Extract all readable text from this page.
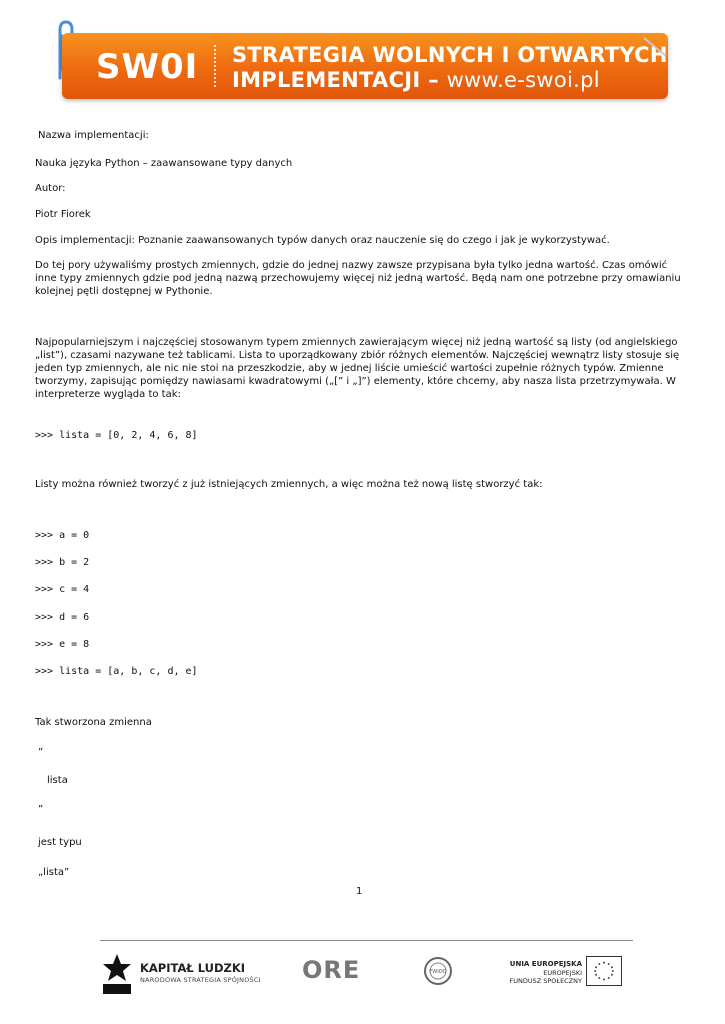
SW0I STRATEGIA WOLNYCH I OTWARTYCH
IMPLEMENTACJI – www.e-swoi.pl

Nazwa implementacji:

Nauka języka Python – zaawansowane typy danych

Autor:

Piotr Fiorek

Opis implementacji: Poznanie zaawansowanych typów danych oraz nauczenie się do czego i jak je wykorzystywać.

Do tej pory używaliśmy prostych zmiennych, gdzie do jednej nazwy zawsze przypisana była tylko jedna wartość. Czas omówić inne typy zmiennych gdzie pod jedną nazwą przechowujemy więcej niż jedną wartość. Będą nam one potrzebne przy omawianiu kolejnej pętli dostępnej w Pythonie.

Najpopularniejszym i najczęściej stosowanym typem zmiennych zawierającym więcej niż jedną wartość są listy (od angielskiego „list”), czasami nazywane też tablicami. Lista to uporządkowany zbiór różnych elementów. Najczęściej wewnątrz listy stosuje się jeden typ zmiennych, ale nic nie stoi na przeszkodzie, aby w jednej liście umieścić wartości zupełnie różnych typów. Zmienne tworzymy, zapisując pomiędzy nawiasami kwadratowymi („[” i „]”) elementy, które chcemy, aby nasza lista przetrzymywała. W interpreterze wygląda to tak:

>>> lista = [0, 2, 4, 6, 8]

Listy można również tworzyć z już istniejących zmiennych, a więc można też nową listę stworzyć tak:

>>> a = 0

>>> b = 2

>>> c = 4

>>> d = 6

>>> e = 8

>>> lista = [a, b, c, d, e]

Tak stworzona zmienna

”

lista

”

jest typu

„lista”

1
KAPITAŁ LUDZKI
NARODOWA STRATEGIA SPÓJNOŚCI ORE	FWIOO
UNIA EUROPEJSKA
EUROPEJSKI
FUNDUSZ SPOŁECZNY
